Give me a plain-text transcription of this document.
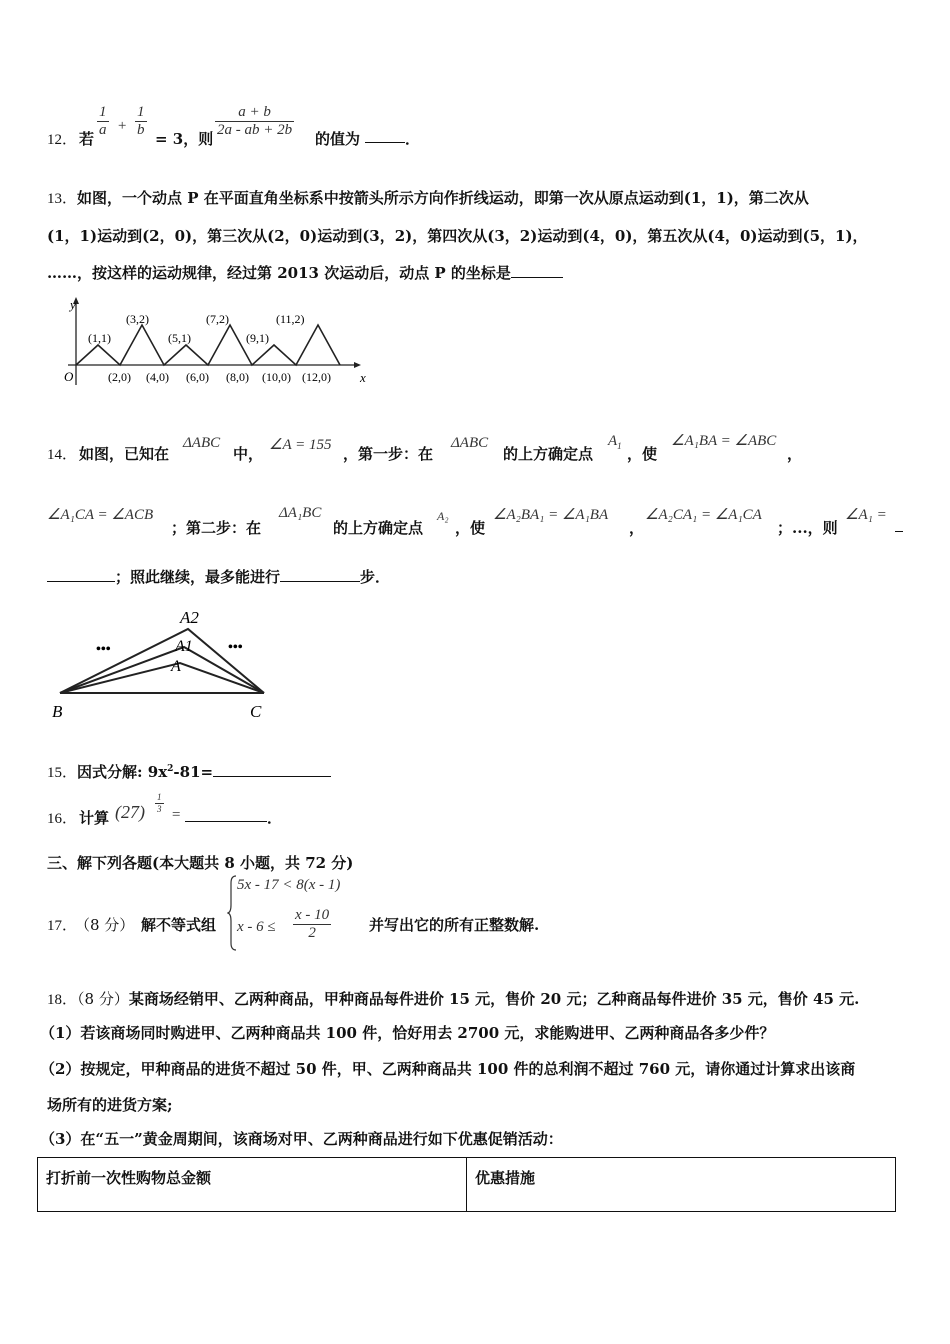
12． 若 $\frac{1}{a} + \frac{1}{b} = 3$，则 $\frac{a + b}{2a - ab + 2b}$ 的值为	．
13．如图，一个动点 P 在平面直角坐标系中按箭头所示方向作折线运动，即第一次从原点运动到(1，1)，第二次从
(1，1)运动到(2，0)，第三次从(2，0)运动到(3，2)，第四次从(3，2)运动到(4，0)，第五次从(4，0)运动到(5，1)，
……，按这样的运动规律，经过第 2013 次运动后，动点 P 的坐标是
y
x
O
(1,1)
(3,2)
(5,1)
(7,2)
(9,1)
(11,2)
(2,0) (4,0) (6,0) (8,0) (10,0) (12,0)
14． 如图，已知在
ΔABC
中， ∠A = 155 ，第一步：在
ΔABC
的上方确定点
$A_1$ ，使
∠A₁BA = ∠ABC
，
∠A₁CA = ∠ACB
；第二步：在
ΔA₁BC
的上方确定点
A₂
，使
∠A₂BA₁ = ∠A₁BA
，
∠A₂CA₁ = ∠A₁CA
；...，则
∠A₁ =
；照此继续，最多能进行	步．
A2
A1
A
B	C
•••	•••
15．因式分解: $9x^2-81=$
16． 计算 $(27) \frac{1}{3}$ =	．
三、解下列各题(本大题共 8 小题，共 72 分)
17．
（8 分） 解不等式组
5x - 17 < 8(x - 1)
$x - 6 \le \frac{x - 10}{2}$	并写出它的所有正整数解.
18．（8 分）某商场经销甲、乙两种商品，甲种商品每件进价 15 元，售价 20 元；乙种商品每件进价 35 元，售价 45 元.
（1）若该商场同时购进甲、乙两种商品共 100 件，恰好用去 2700 元，求能购进甲、乙两种商品各多少件？
（2）按规定，甲种商品的进货不超过 50 件，甲、乙两种商品共 100 件的总利润不超过 760 元，请你通过计算求出该商
场所有的进货方案;
（3）在“五一”黄金周期间，该商场对甲、乙两种商品进行如下优惠促销活动：
打折前一次性购物总金额	优惠措施
